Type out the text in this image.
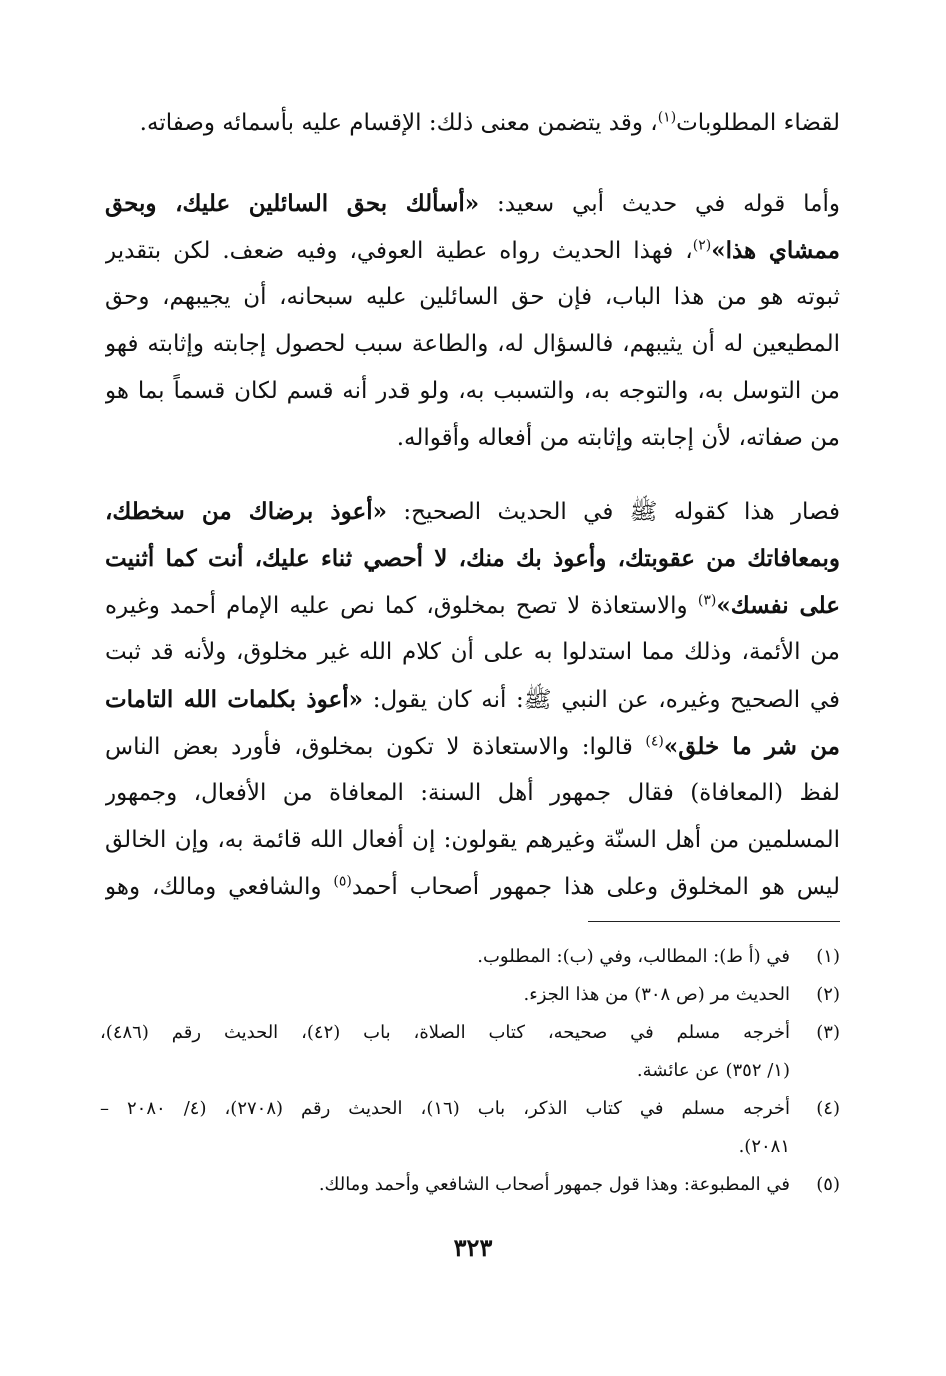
لقضاء المطلوبات$^{(١)}$، وقد يتضمن معنى ذلك: الإقسام عليه بأسمائه وصفاته.
وأما قوله في حديث أبي سعيد: «أسألك بحق السائلين عليك، وبحق
ممشاي هذا»$^{(٢)}$، فهذا الحديث رواه عطية العوفي، وفيه ضعف. لكن بتقدير
ثبوته هو من هذا الباب، فإن حق السائلين عليه سبحانه، أن يجيبهم، وحق
المطيعين له أن يثيبهم، فالسؤال له، والطاعة سبب لحصول إجابته وإثابته فهو
من التوسل به، والتوجه به، والتسبب به، ولو قدر أنه قسم لكان قسماً بما هو
من صفاته، لأن إجابته وإثابته من أفعاله وأقواله.
فصار هذا كقوله ﷺ في الحديث الصحيح: «أعوذ برضاك من سخطك،
وبمعافاتك من عقوبتك، وأعوذ بك منك، لا أحصي ثناء عليك، أنت كما أثنيت
على نفسك»$^{(٣)}$ والاستعاذة لا تصح بمخلوق، كما نص عليه الإمام أحمد وغيره
من الأئمة، وذلك مما استدلوا به على أن كلام الله غير مخلوق، ولأنه قد ثبت
في الصحيح وغيره، عن النبي ﷺ: أنه كان يقول: «أعوذ بكلمات الله التامات
من شر ما خلق»$^{(٤)}$ قالوا: والاستعاذة لا تكون بمخلوق، فأورد بعض الناس
لفظ (المعافاة) فقال جمهور أهل السنة: المعافاة من الأفعال، وجمهور
المسلمين من أهل السنّة وغيرهم يقولون: إن أفعال الله قائمة به، وإن الخالق
ليس هو المخلوق وعلى هذا جمهور أصحاب أحمد$^{(٥)}$ والشافعي ومالك، وهو
(١)
في (أ ط): المطالب، وفي (ب): المطلوب.
(٢)
الحديث مر (ص ٣٠٨) من هذا الجزء.
(٣)
أخرجه مسلم في صحيحه، كتاب الصلاة، باب (٤٢)، الحديث رقم (٤٨٦)،
(١/ ٣٥٢) عن عائشة.
(٤)
أخرجه مسلم في كتاب الذكر، باب (١٦)، الحديث رقم (٢٧٠٨)، (٤/ ٢٠٨٠ –
٢٠٨١).
(٥)
في المطبوعة: وهذا قول جمهور أصحاب الشافعي وأحمد ومالك.
٣٢٣
